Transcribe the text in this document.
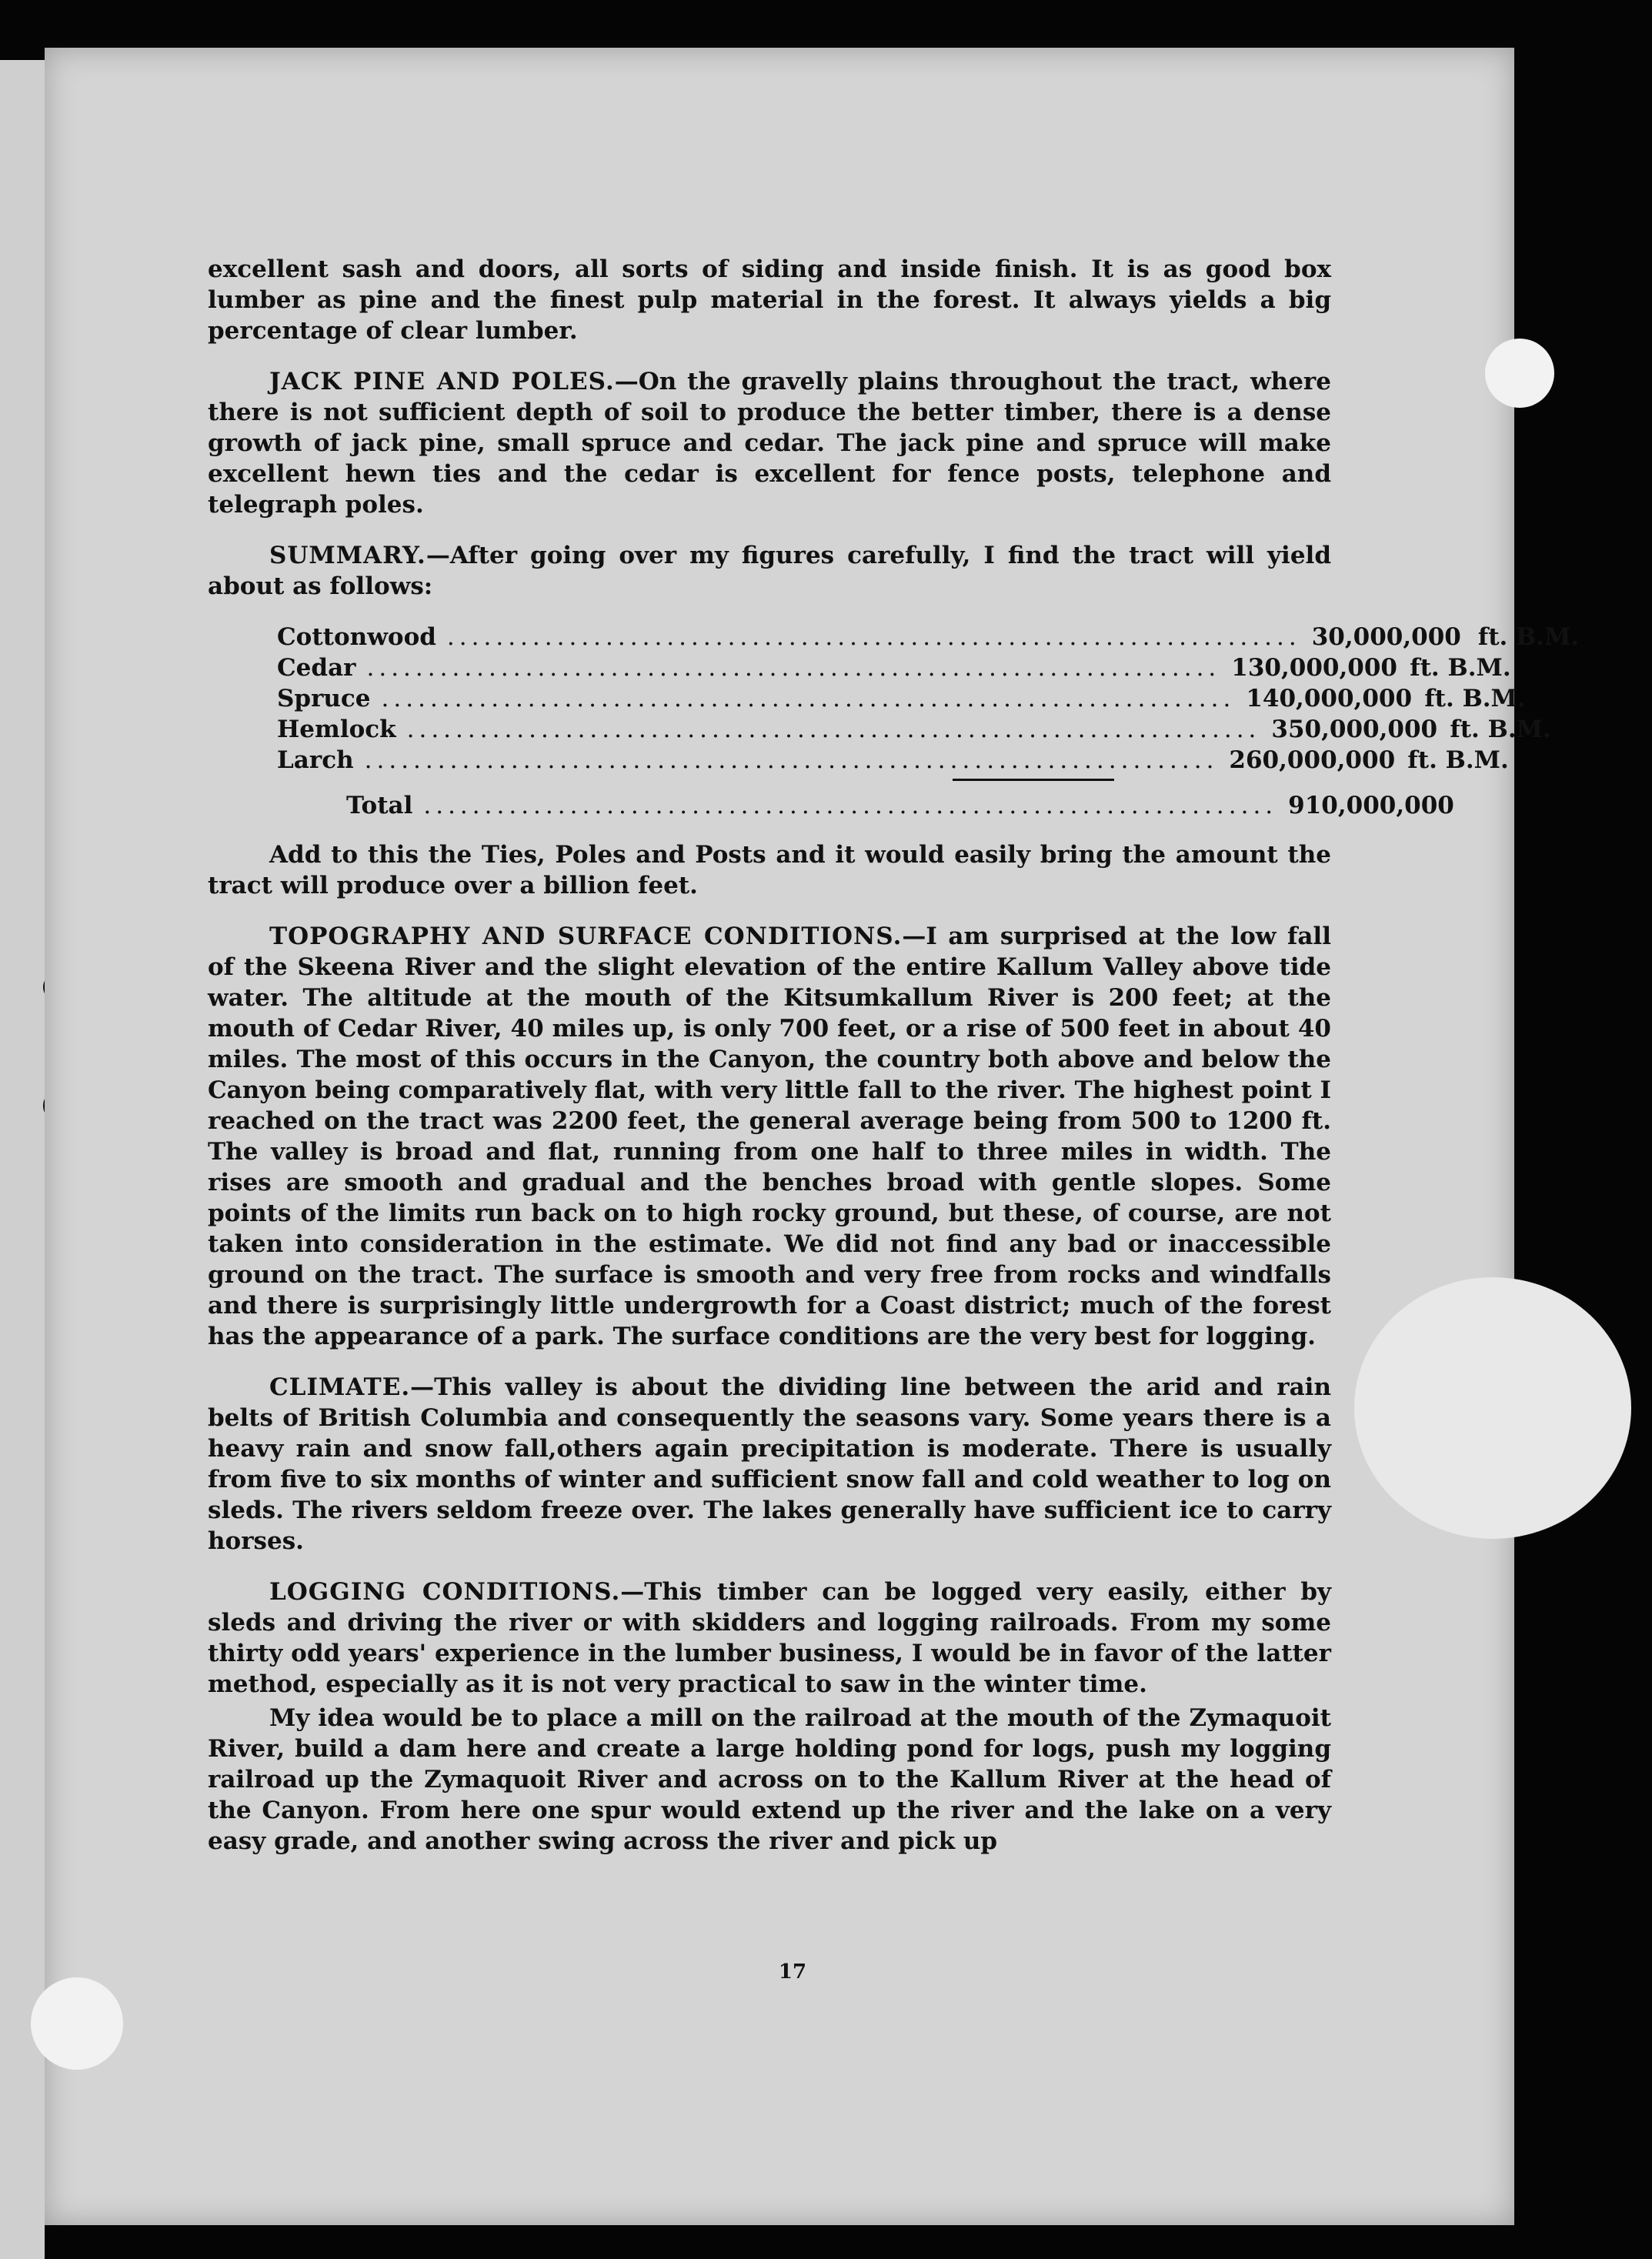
excellent sash and doors, all sorts of siding and inside finish. It is as good box lumber as pine and the finest pulp material in the forest. It always yields a big percentage of clear lumber.

JACK PINE AND POLES.—On the gravelly plains throughout the tract, where there is not sufficient depth of soil to produce the better timber, there is a dense growth of jack pine, small spruce and cedar. The jack pine and spruce will make excellent hewn ties and the cedar is excellent for fence posts, telephone and telegraph poles.

SUMMARY.—After going over my figures carefully, I find the tract will yield about as follows:

Cottonwood ...................................................................... 30,000,000 ft. B.M.
Cedar ...................................................................... 130,000,000 ft. B.M.
Spruce ...................................................................... 140,000,000 ft. B.M.
Hemlock ...................................................................... 350,000,000 ft. B.M.
Larch ...................................................................... 260,000,000 ft. B.M.
Total ...................................................................... 910,000,000

Add to this the Ties, Poles and Posts and it would easily bring the amount the tract will produce over a billion feet.

TOPOGRAPHY AND SURFACE CONDITIONS.—I am surprised at the low fall of the Skeena River and the slight elevation of the entire Kallum Valley above tide water. The altitude at the mouth of the Kitsumkallum River is 200 feet; at the mouth of Cedar River, 40 miles up, is only 700 feet, or a rise of 500 feet in about 40 miles. The most of this occurs in the Canyon, the country both above and below the Canyon being comparatively flat, with very little fall to the river. The highest point I reached on the tract was 2200 feet, the general average being from 500 to 1200 ft. The valley is broad and flat, running from one half to three miles in width. The rises are smooth and gradual and the benches broad with gentle slopes. Some points of the limits run back on to high rocky ground, but these, of course, are not taken into consideration in the estimate. We did not find any bad or inaccessible ground on the tract. The surface is smooth and very free from rocks and windfalls and there is surprisingly little undergrowth for a Coast district; much of the forest has the appearance of a park. The surface conditions are the very best for logging.

CLIMATE.—This valley is about the dividing line between the arid and rain belts of British Columbia and consequently the seasons vary. Some years there is a heavy rain and snow fall,others again precipitation is moderate. There is usually from five to six months of winter and sufficient snow fall and cold weather to log on sleds. The rivers seldom freeze over. The lakes generally have sufficient ice to carry horses.

LOGGING CONDITIONS.—This timber can be logged very easily, either by sleds and driving the river or with skidders and logging railroads. From my some thirty odd years' experience in the lumber business, I would be in favor of the latter method, especially as it is not very practical to saw in the winter time.

My idea would be to place a mill on the railroad at the mouth of the Zymaquoit River, build a dam here and create a large holding pond for logs, push my logging railroad up the Zymaquoit River and across on to the Kallum River at the head of the Canyon. From here one spur would extend up the river and the lake on a very easy grade, and another swing across the river and pick up

17
